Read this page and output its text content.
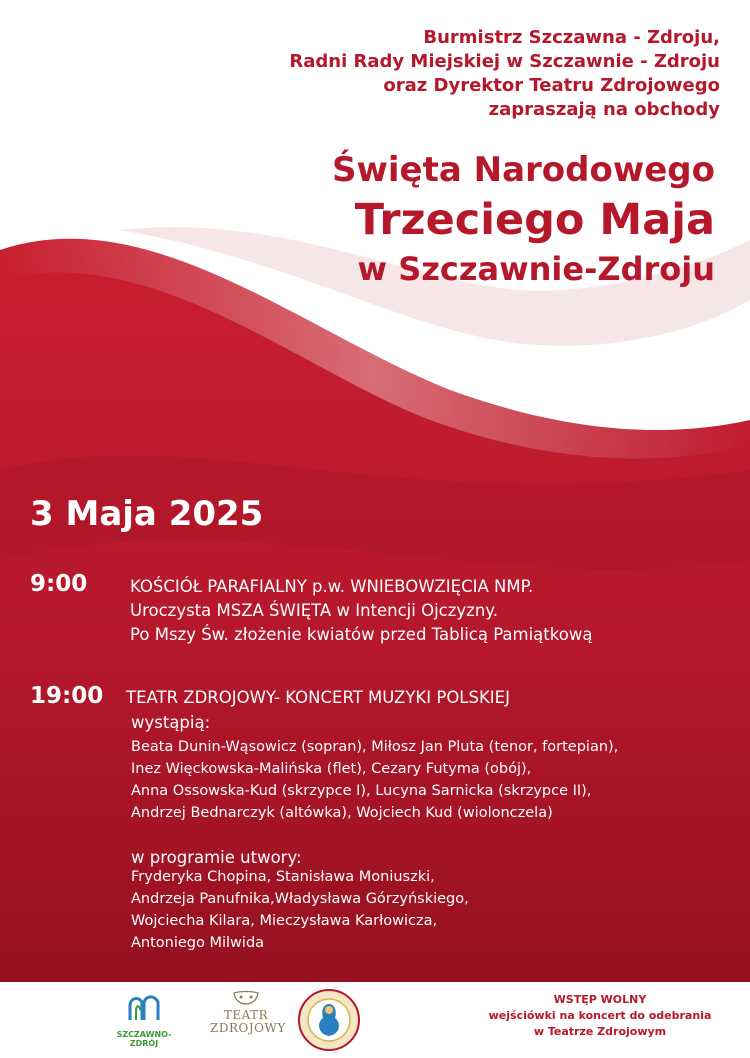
Burmistrz Szczawna - Zdroju,
Radni Rady Miejskiej w Szczawnie - Zdroju
oraz Dyrektor Teatru Zdrojowego
zapraszają na obchody
Święta Narodowego
Trzeciego Maja
w Szczawnie-Zdroju
3 Maja 2025
9:00	KOŚCIÓŁ PARAFIALNY p.w. WNIEBOWZIĘCIA NMP.
Uroczysta MSZA ŚWIĘTA w Intencji Ojczyzny.
Po Mszy Św. złożenie kwiatów przed Tablicą Pamiątkową
19:00 TEATR ZDROJOWY- KONCERT MUZYKI POLSKIEJ
wystąpią:
Beata Dunin-Wąsowicz (sopran), Miłosz Jan Pluta (tenor, fortepian),
Inez Więckowska-Malińska (flet), Cezary Futyma (obój),
Anna Ossowska-Kud (skrzypce I), Lucyna Sarnicka (skrzypce II),
Andrzej Bednarczyk (altówka), Wojciech Kud (wiolonczela)
w programie utwory:
Fryderyka Chopina, Stanisława Moniuszki,
Andrzeja Panufnika,Władysława Górzyńskiego,
Wojciecha Kilara, Mieczysława Karłowicza,
Antoniego Milwida
SZCZAWNO-ZDRÓJ
TEATR
ZDROJOWY
WSTĘP WOLNY
wejściówki na koncert do odebrania
w Teatrze Zdrojowym
